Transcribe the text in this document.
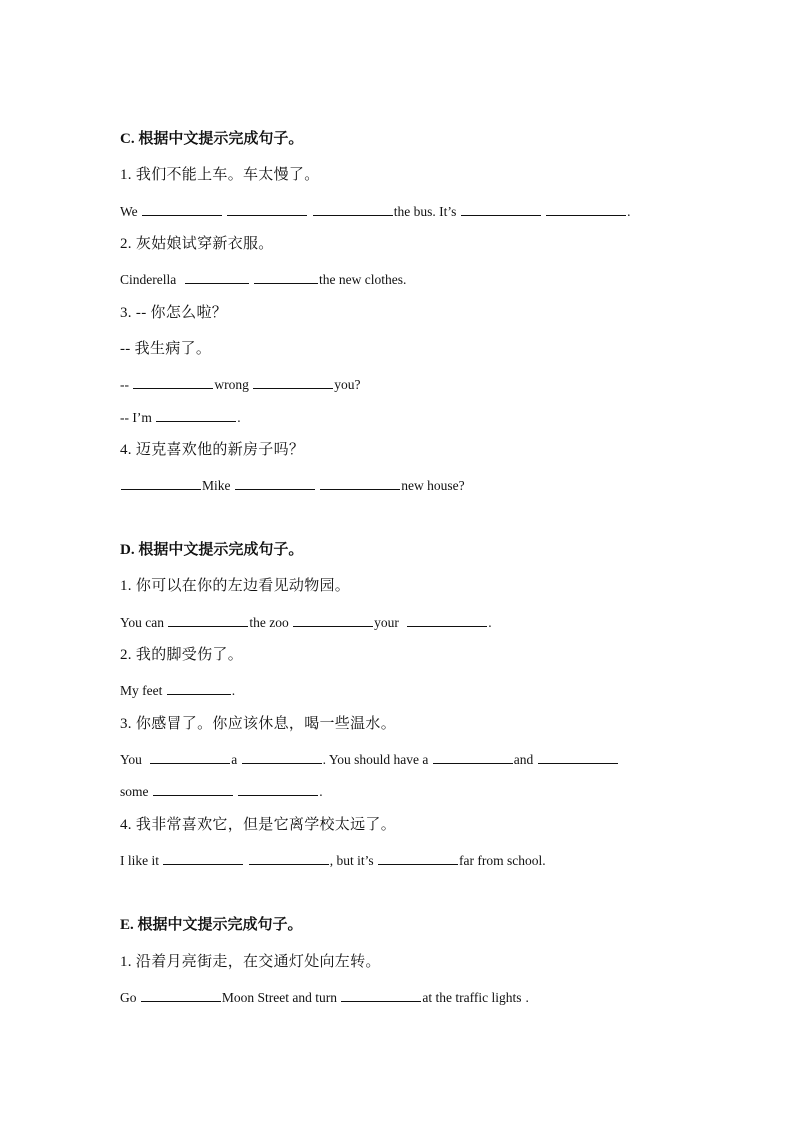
C. 根据中文提示完成句子。
1. 我们不能上车。车太慢了。
We	the bus. It’s	.
2. 灰姑娘试穿新衣服。
Cinderella	the new clothes.
3. -- 你怎么啦？
-- 我生病了。
--	wrong	you?
-- I’m	.
4. 迈克喜欢他的新房子吗？
Mike	new house?
D. 根据中文提示完成句子。
1. 你可以在你的左边看见动物园。
You can	the zoo	your	.
2. 我的脚受伤了。
My feet	.
3. 你感冒了。你应该休息，喝一些温水。
You	a	. You should have a	and
some	.
4. 我非常喜欢它，但是它离学校太远了。
I like it	, but it’s	far from school.
E. 根据中文提示完成句子。
1. 沿着月亮街走，在交通灯处向左转。
Go	Moon Street and turn	at the traffic lights .
